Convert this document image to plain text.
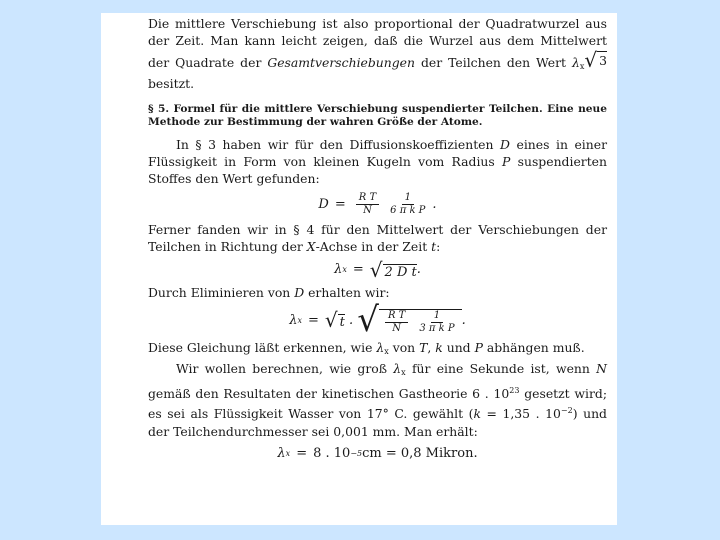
Die mittlere Verschiebung ist also proportional der Quadratwurzel aus der Zeit. Man kann leicht zeigen, daß die Wurzel aus dem Mittelwert der Quadrate der Gesamtverschiebungen der Teilchen den Wert $\lambda_x$ √ 3
besitzt.

§ 5. Formel für die mittlere Verschiebung suspendierter Teilchen. Eine neue Methode zur Bestimmung der wahren Größe der Atome.

In § 3 haben wir für den Diffusionskoeffizienten D eines in einer Flüssigkeit in Form von kleinen Kugeln vom Radius P suspendierten Stoffes den Wert gefunden:

$D = \frac{\text{R T}}{N} \frac{1}{\text{6 π k P}}$ .

Ferner fanden wir in § 4 für den Mittelwert der Verschiebungen der Teilchen in Richtung der X-Achse in der Zeit t:

λ x = √ 2 D t .

Durch Eliminieren von D erhalten wir:

λ x = √ t . √ $\frac{\text{R T}}{N} \frac{1}{\text{3 π k P}}$ .

Diese Gleichung läßt erkennen, wie $\lambda_x$ von T, k und P abhängen muß.

Wir wollen berechnen, wie groß $\lambda_x$ für eine Sekunde ist, wenn N gemäß den Resultaten der kinetischen Gastheorie 6 . $10^{23}$ gesetzt wird; es sei als Flüssigkeit Wasser von 17° C. gewählt (k = 1,35 . $10^{-2}$) und der Teilchendurchmesser sei 0,001 mm. Man erhält:

λ x = 8 . 10 −5 cm = 0,8 Mikron.
